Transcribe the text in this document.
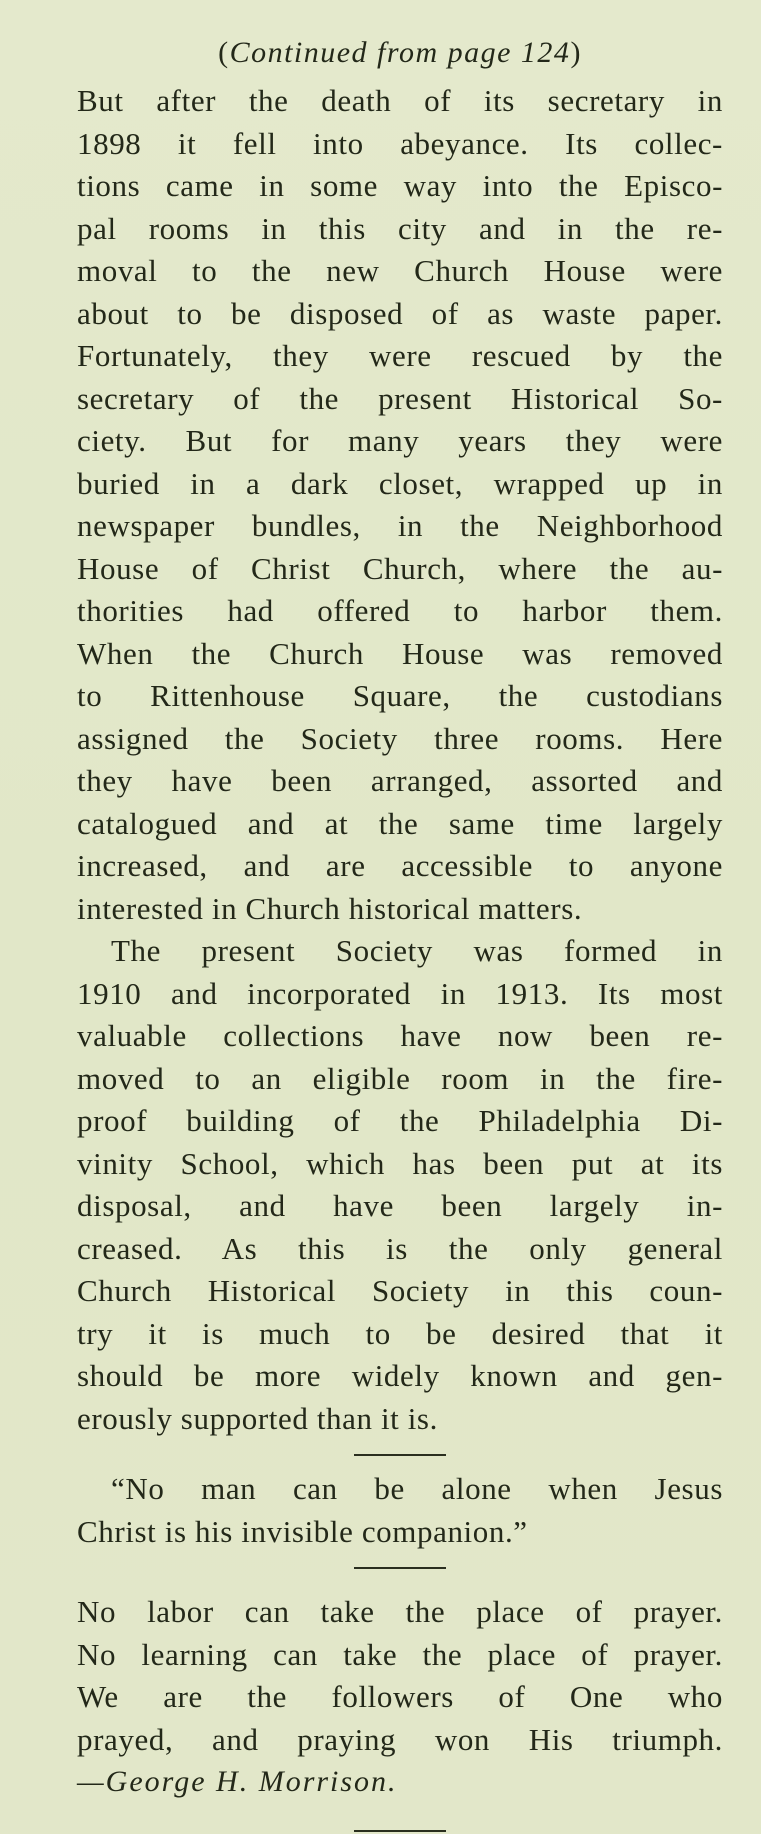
(Continued from page 124)

But after the death of its secretary in

1898 it fell into abeyance. Its collec-

tions came in some way into the Episco-

pal rooms in this city and in the re-

moval to the new Church House were

about to be disposed of as waste paper.

Fortunately, they were rescued by the

secretary of the present Historical So-

ciety. But for many years they were

buried in a dark closet, wrapped up in

newspaper bundles, in the Neighborhood

House of Christ Church, where the au-

thorities had offered to harbor them.

When the Church House was removed

to Rittenhouse Square, the custodians

assigned the Society three rooms. Here

they have been arranged, assorted and

catalogued and at the same time largely

increased, and are accessible to anyone

interested in Church historical matters.

The present Society was formed in

1910 and incorporated in 1913. Its most

valuable collections have now been re-

moved to an eligible room in the fire-

proof building of the Philadelphia Di-

vinity School, which has been put at its

disposal, and have been largely in-

creased. As this is the only general

Church Historical Society in this coun-

try it is much to be desired that it

should be more widely known and gen-

erously supported than it is.

“No man can be alone when Jesus

Christ is his invisible companion.”

No labor can take the place of prayer.

No learning can take the place of prayer.

We are the followers of One who

prayed, and praying won His triumph.

—George H. Morrison.
